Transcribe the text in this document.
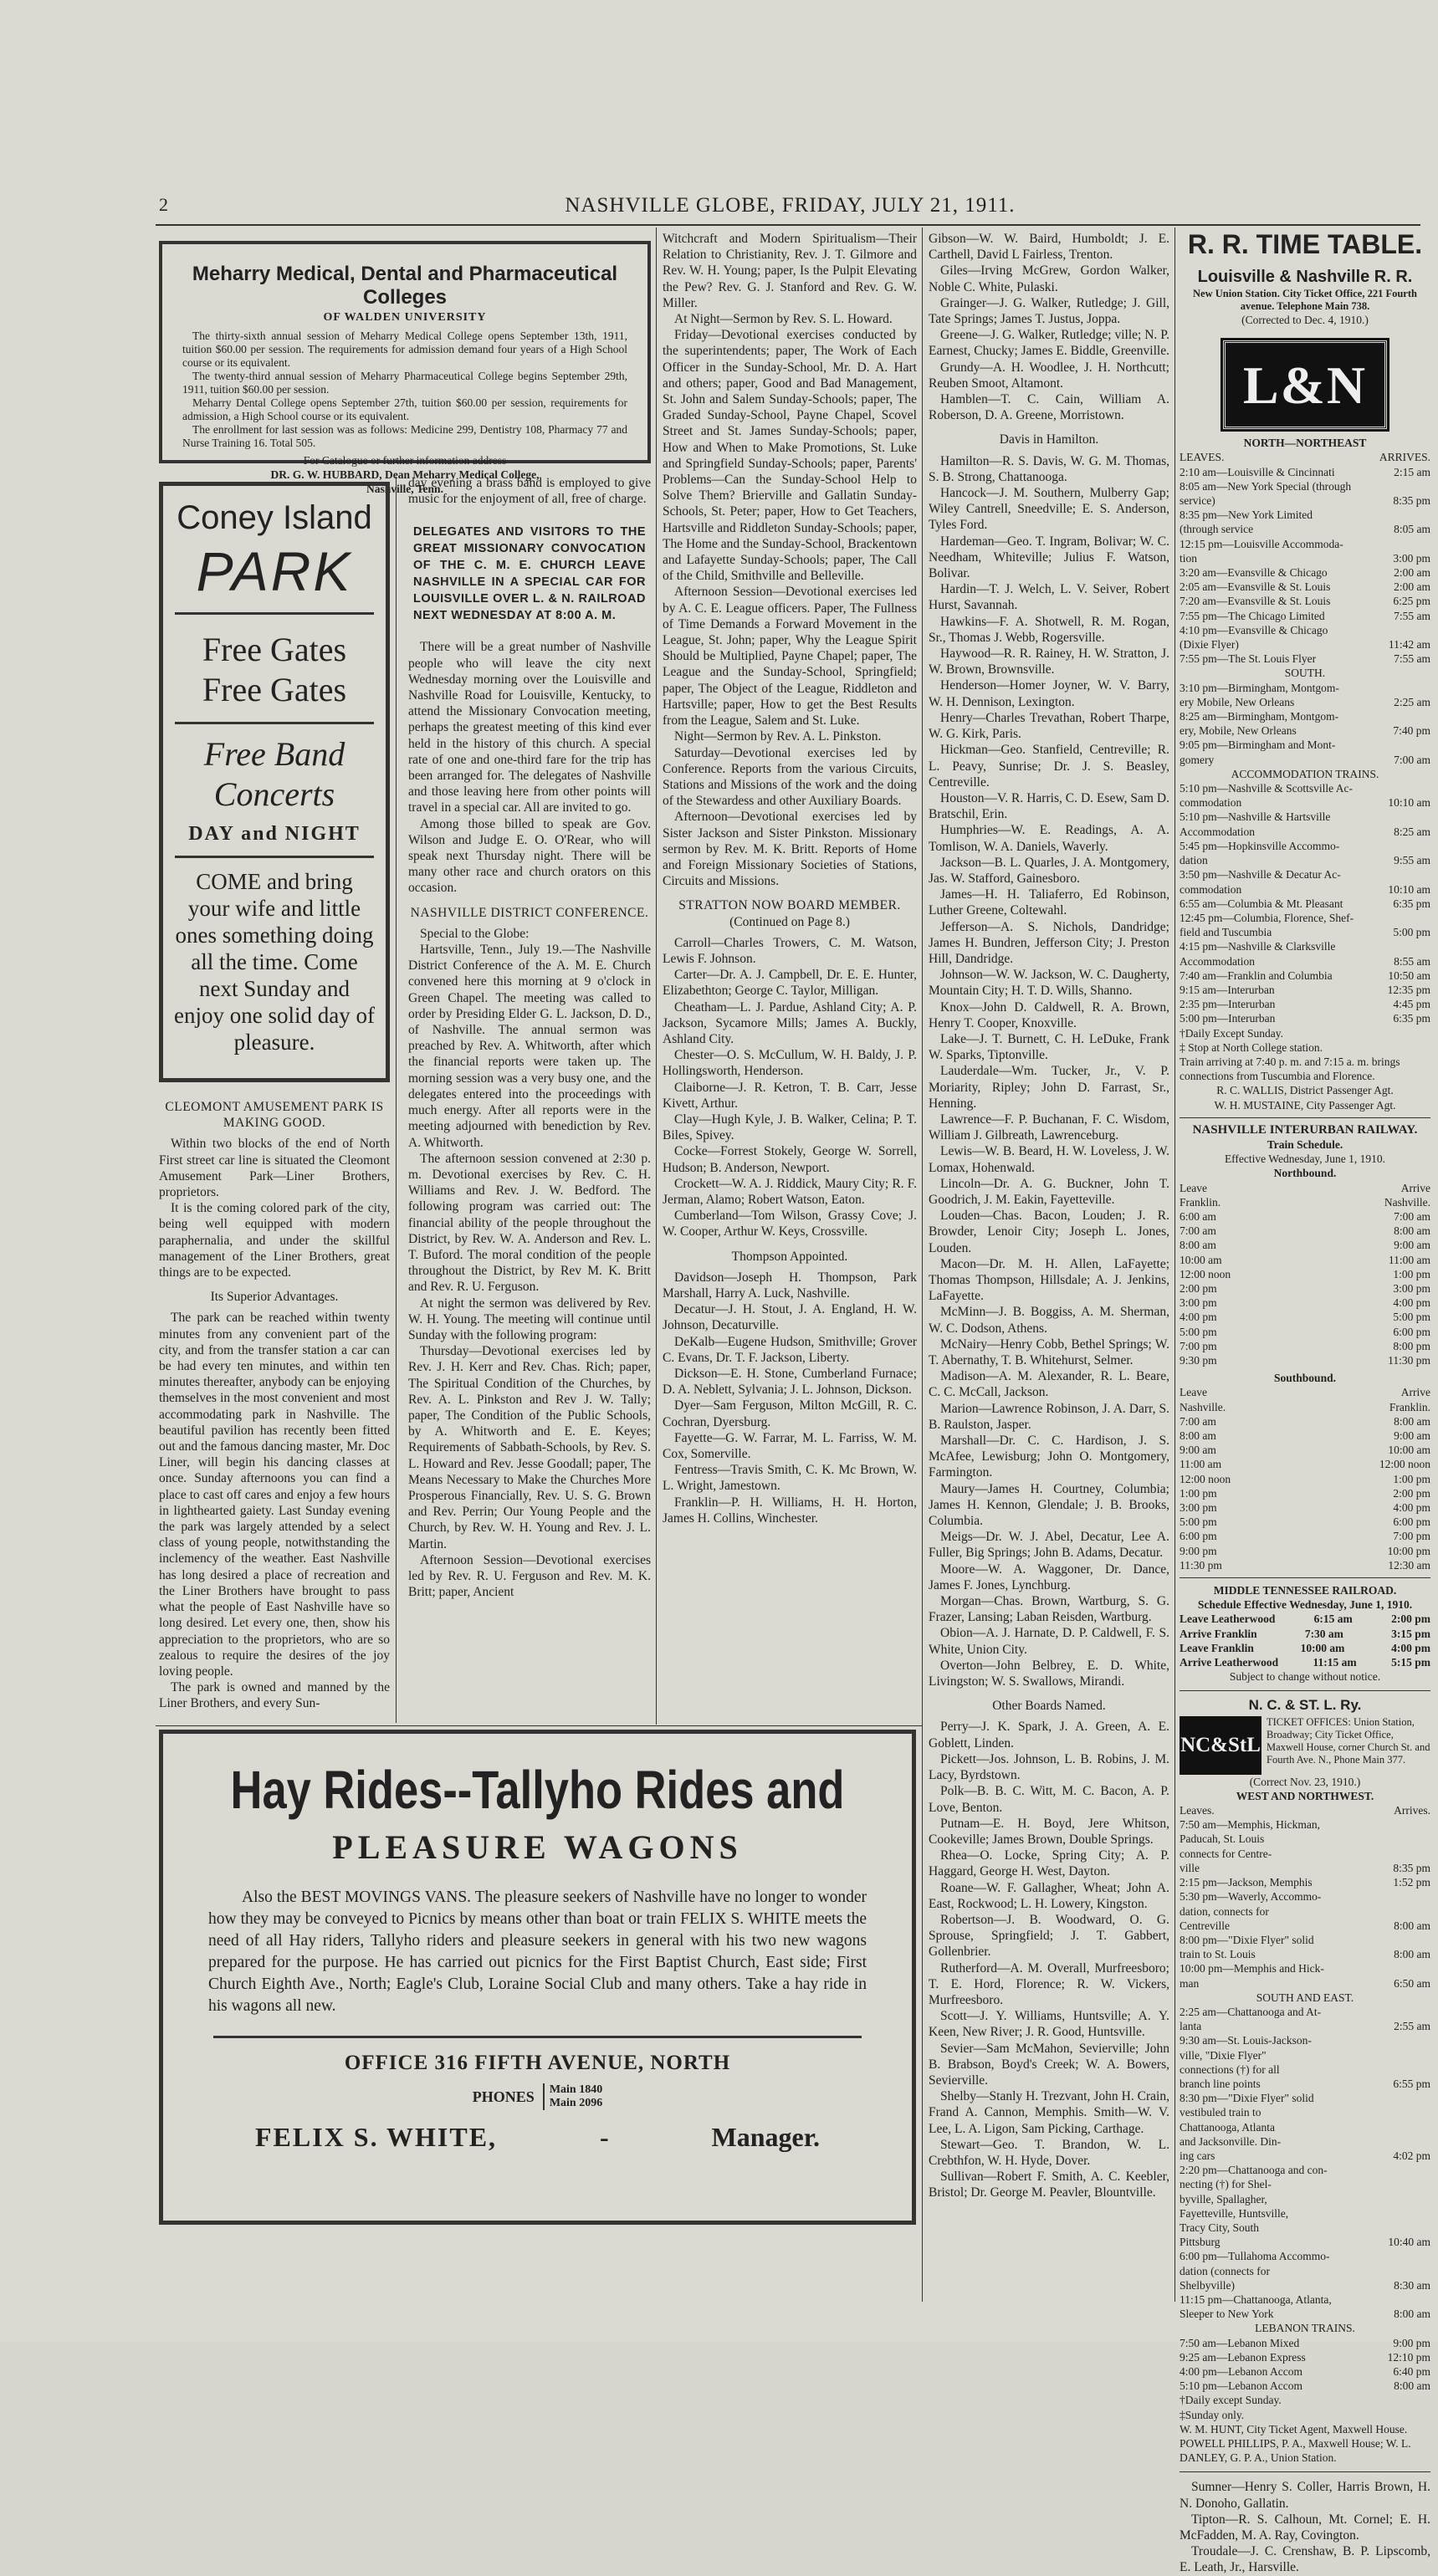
2	NASHVILLE GLOBE, FRIDAY, JULY 21, 1911.
Meharry Medical, Dental and Pharmaceutical Colleges
OF WALDEN UNIVERSITY

The thirty-sixth annual session of Meharry Medical College opens September 13th, 1911, tuition $60.00 per session. The requirements for admission demand four years of a High School course or its equivalent.

The twenty-third annual session of Meharry Pharmaceutical College begins September 29th, 1911, tuition $60.00 per session.

Meharry Dental College opens September 27th, tuition $60.00 per session, requirements for admission, a High School course or its equivalent.

The enrollment for last session was as follows: Medicine 299, Dentistry 108, Pharmacy 77 and Nurse Training 16. Total 505.

For Catalogue or further information address
DR. G. W. HUBBARD, Dean Meharry Medical College,
Nashville, Tenn.
Coney Island
PARK
Free Gates
Free Gates
Free Band
Concerts
DAY and NIGHT
COME and bring your wife and little ones something doing all the time. Come next Sunday and enjoy one solid day of pleasure.
CLEOMONT AMUSEMENT PARK IS MAKING GOOD.

Within two blocks of the end of North First street car line is situated the Cleomont Amusement Park—Liner Brothers, proprietors.

It is the coming colored park of the city, being well equipped with modern paraphernalia, and under the skillful management of the Liner Brothers, great things are to be expected.

Its Superior Advantages.

The park can be reached within twenty minutes from any convenient part of the city, and from the transfer station a car can be had every ten minutes, and within ten minutes thereafter, anybody can be enjoying themselves in the most convenient and most accommodating park in Nashville. The beautiful pavilion has recently been fitted out and the famous dancing master, Mr. Doc Liner, will begin his dancing classes at once. Sunday afternoons you can find a place to cast off cares and enjoy a few hours in lighthearted gaiety. Last Sunday evening the park was largely attended by a select class of young people, notwithstanding the inclemency of the weather. East Nashville has long desired a place of recreation and the Liner Brothers have brought to pass what the people of East Nashville have so long desired. Let every one, then, show his appreciation to the proprietors, who are so zealous to require the desires of the joy loving people.

The park is owned and manned by the Liner Brothers, and every Sun-

day evening a brass band is employed to give music for the enjoyment of all, free of charge.

DELEGATES AND VISITORS TO THE GREAT MISSIONARY CONVOCATION OF THE C. M. E. CHURCH LEAVE NASHVILLE IN A SPECIAL CAR FOR LOUISVILLE OVER L. & N. RAILROAD NEXT WEDNESDAY AT 8:00 A. M.

There will be a great number of Nashville people who will leave the city next Wednesday morning over the Louisville and Nashville Road for Louisville, Kentucky, to attend the Missionary Convocation meeting, perhaps the greatest meeting of this kind ever held in the history of this church. A special rate of one and one-third fare for the trip has been arranged for. The delegates of Nashville and those leaving here from other points will travel in a special car. All are invited to go.

Among those billed to speak are Gov. Wilson and Judge E. O. O'Rear, who will speak next Thursday night. There will be many other race and church orators on this occasion.

NASHVILLE DISTRICT CONFERENCE.

Special to the Globe:

Hartsville, Tenn., July 19.—The Nashville District Conference of the A. M. E. Church convened here this morning at 9 o'clock in Green Chapel. The meeting was called to order by Presiding Elder G. L. Jackson, D. D., of Nashville. The annual sermon was preached by Rev. A. Whitworth, after which the financial reports were taken up. The morning session was a very busy one, and the delegates entered into the proceedings with much energy. After all reports were in the meeting adjourned with benediction by Rev. A. Whitworth.

The afternoon session convened at 2:30 p. m. Devotional exercises by Rev. C. H. Williams and Rev. J. W. Bedford. The following program was carried out: The financial ability of the people throughout the District, by Rev. W. A. Anderson and Rev. L. T. Buford. The moral condition of the people throughout the District, by Rev M. K. Britt and Rev. R. U. Ferguson.

At night the sermon was delivered by Rev. W. H. Young. The meeting will continue until Sunday with the following program:

Thursday—Devotional exercises led by Rev. J. H. Kerr and Rev. Chas. Rich; paper, The Spiritual Condition of the Churches, by Rev. A. L. Pinkston and Rev J. W. Tally; paper, The Condition of the Public Schools, by A. Whitworth and E. E. Keyes; Requirements of Sabbath-Schools, by Rev. S. L. Howard and Rev. Jesse Goodall; paper, The Means Necessary to Make the Churches More Prosperous Financially, Rev. U. S. G. Brown and Rev. Perrin; Our Young People and the Church, by Rev. W. H. Young and Rev. J. L. Martin.

Afternoon Session—Devotional exercises led by Rev. R. U. Ferguson and Rev. M. K. Britt; paper, Ancient

Witchcraft and Modern Spiritualism—Their Relation to Christianity, Rev. J. T. Gilmore and Rev. W. H. Young; paper, Is the Pulpit Elevating the Pew? Rev. G. J. Stanford and Rev. G. W. Miller.

At Night—Sermon by Rev. S. L. Howard.

Friday—Devotional exercises conducted by the superintendents; paper, The Work of Each Officer in the Sunday-School, Mr. D. A. Hart and others; paper, Good and Bad Management, St. John and Salem Sunday-Schools; paper, The Graded Sunday-School, Payne Chapel, Scovel Street and St. James Sunday-Schools; paper, How and When to Make Promotions, St. Luke and Springfield Sunday-Schools; paper, Parents' Problems—Can the Sunday-School Help to Solve Them? Brierville and Gallatin Sunday-Schools, St. Peter; paper, How to Get Teachers, Hartsville and Riddleton Sunday-Schools; paper, The Home and the Sunday-School, Brackentown and Lafayette Sunday-Schools; paper, The Call of the Child, Smithville and Belleville.

Afternoon Session—Devotional exercises led by A. C. E. League officers. Paper, The Fullness of Time Demands a Forward Movement in the League, St. John; paper, Why the League Spirit Should be Multiplied, Payne Chapel; paper, The League and the Sunday-School, Springfield; paper, The Object of the League, Riddleton and Hartsville; paper, How to get the Best Results from the League, Salem and St. Luke.

Night—Sermon by Rev. A. L. Pinkston.

Saturday—Devotional exercises led by Conference. Reports from the various Circuits, Stations and Missions of the work and the doing of the Stewardess and other Auxiliary Boards.

Afternoon—Devotional exercises led by Sister Jackson and Sister Pinkston. Missionary sermon by Rev. M. K. Britt. Reports of Home and Foreign Missionary Societies of Stations, Circuits and Missions.

STRATTON NOW BOARD MEMBER.
(Continued on Page 8.)

Carroll—Charles Trowers, C. M. Watson, Lewis F. Johnson.

Carter—Dr. A. J. Campbell, Dr. E. E. Hunter, Elizabethton; George C. Taylor, Milligan.

Cheatham—L. J. Pardue, Ashland City; A. P. Jackson, Sycamore Mills; James A. Buckly, Ashland City.

Chester—O. S. McCullum, W. H. Baldy, J. P. Hollingsworth, Henderson.

Claiborne—J. R. Ketron, T. B. Carr, Jesse Kivett, Arthur.

Clay—Hugh Kyle, J. B. Walker, Celina; P. T. Biles, Spivey.

Cocke—Forrest Stokely, George W. Sorrell, Hudson; B. Anderson, Newport.

Crockett—W. A. J. Riddick, Maury City; R. F. Jerman, Alamo; Robert Watson, Eaton.

Cumberland—Tom Wilson, Grassy Cove; J. W. Cooper, Arthur W. Keys, Crossville.

Thompson Appointed.

Davidson—Joseph H. Thompson, Park Marshall, Harry A. Luck, Nashville.

Decatur—J. H. Stout, J. A. England, H. W. Johnson, Decaturville.

DeKalb—Eugene Hudson, Smithville; Grover C. Evans, Dr. T. F. Jackson, Liberty.

Dickson—E. H. Stone, Cumberland Furnace; D. A. Neblett, Sylvania; J. L. Johnson, Dickson.

Dyer—Sam Ferguson, Milton McGill, R. C. Cochran, Dyersburg.

Fayette—G. W. Farrar, M. L. Farriss, W. M. Cox, Somerville.

Fentress—Travis Smith, C. K. Mc Brown, W. L. Wright, Jamestown.

Franklin—P. H. Williams, H. H. Horton, James H. Collins, Winchester.

Gibson—W. W. Baird, Humboldt; J. E. Carthell, David L Fairless, Trenton.

Giles—Irving McGrew, Gordon Walker, Noble C. White, Pulaski.

Grainger—J. G. Walker, Rutledge; J. Gill, Tate Springs; James T. Justus, Joppa.

Greene—J. G. Walker, Rutledge; ville; N. P. Earnest, Chucky; James E. Biddle, Greenville.

Grundy—A. H. Woodlee, J. H. Northcutt; Reuben Smoot, Altamont.

Hamblen—T. C. Cain, William A. Roberson, D. A. Greene, Morristown.

Davis in Hamilton.

Hamilton—R. S. Davis, W. G. M. Thomas, S. B. Strong, Chattanooga.

Hancock—J. M. Southern, Mulberry Gap; Wiley Cantrell, Sneedville; E. S. Anderson, Tyles Ford.

Hardeman—Geo. T. Ingram, Bolivar; W. C. Needham, Whiteville; Julius F. Watson, Bolivar.

Hardin—T. J. Welch, L. V. Seiver, Robert Hurst, Savannah.

Hawkins—F. A. Shotwell, R. M. Rogan, Sr., Thomas J. Webb, Rogersville.

Haywood—R. R. Rainey, H. W. Stratton, J. W. Brown, Brownsville.

Henderson—Homer Joyner, W. V. Barry, W. H. Dennison, Lexington.

Henry—Charles Trevathan, Robert Tharpe, W. G. Kirk, Paris.

Hickman—Geo. Stanfield, Centreville; R. L. Peavy, Sunrise; Dr. J. S. Beasley, Centreville.

Houston—V. R. Harris, C. D. Esew, Sam D. Bratschil, Erin.

Humphries—W. E. Readings, A. A. Tomlison, W. A. Daniels, Waverly.

Jackson—B. L. Quarles, J. A. Montgomery, Jas. W. Stafford, Gainesboro.

James—H. H. Taliaferro, Ed Robinson, Luther Greene, Coltewahl.

Jefferson—A. S. Nichols, Dandridge; James H. Bundren, Jefferson City; J. Preston Hill, Dandridge.

Johnson—W. W. Jackson, W. C. Daugherty, Mountain City; H. T. D. Wills, Shanno.

Knox—John D. Caldwell, R. A. Brown, Henry T. Cooper, Knoxville.

Lake—J. T. Burnett, C. H. LeDuke, Frank W. Sparks, Tiptonville.

Lauderdale—Wm. Tucker, Jr., V. P. Moriarity, Ripley; John D. Farrast, Sr., Henning.

Lawrence—F. P. Buchanan, F. C. Wisdom, William J. Gilbreath, Lawrenceburg.

Lewis—W. B. Beard, H. W. Loveless, J. W. Lomax, Hohenwald.

Lincoln—Dr. A. G. Buckner, John T. Goodrich, J. M. Eakin, Fayetteville.

Louden—Chas. Bacon, Louden; J. R. Browder, Lenoir City; Joseph L. Jones, Louden.

Macon—Dr. M. H. Allen, LaFayette; Thomas Thompson, Hillsdale; A. J. Jenkins, LaFayette.

McMinn—J. B. Boggiss, A. M. Sherman, W. C. Dodson, Athens.

McNairy—Henry Cobb, Bethel Springs; W. T. Abernathy, T. B. Whitehurst, Selmer.

Madison—A. M. Alexander, R. L. Beare, C. C. McCall, Jackson.

Marion—Lawrence Robinson, J. A. Darr, S. B. Raulston, Jasper.

Marshall—Dr. C. C. Hardison, J. S. McAfee, Lewisburg; John O. Montgomery, Farmington.

Maury—James H. Courtney, Columbia; James H. Kennon, Glendale; J. B. Brooks, Columbia.

Meigs—Dr. W. J. Abel, Decatur, Lee A. Fuller, Big Springs; John B. Adams, Decatur.

Moore—W. A. Waggoner, Dr. Dance, James F. Jones, Lynchburg.

Morgan—Chas. Brown, Wartburg, S. G. Frazer, Lansing; Laban Reisden, Wartburg.

Obion—A. J. Harnate, D. P. Caldwell, F. S. White, Union City.

Overton—John Belbrey, E. D. White, Livingston; W. S. Swallows, Mirandi.

Other Boards Named.

Perry—J. K. Spark, J. A. Green, A. E. Goblett, Linden.

Pickett—Jos. Johnson, L. B. Robins, J. M. Lacy, Byrdstown.

Polk—B. B. C. Witt, M. C. Bacon, A. P. Love, Benton.

Putnam—E. H. Boyd, Jere Whitson, Cookeville; James Brown, Double Springs.

Rhea—O. Locke, Spring City; A. P. Haggard, George H. West, Dayton.

Roane—W. F. Gallagher, Wheat; John A. East, Rockwood; L. H. Lowery, Kingston.

Robertson—J. B. Woodward, O. G. Sprouse, Springfield; J. T. Gabbert, Gollenbrier.

Rutherford—A. M. Overall, Murfreesboro; T. E. Hord, Florence; R. W. Vickers, Murfreesboro.

Scott—J. Y. Williams, Huntsville; A. Y. Keen, New River; J. R. Good, Huntsville.

Sevier—Sam McMahon, Sevierville; John B. Brabson, Boyd's Creek; W. A. Bowers, Sevierville.

Shelby—Stanly H. Trezvant, John H. Crain, Frand A. Cannon, Memphis. Smith—W. V. Lee, L. A. Ligon, Sam Picking, Carthage.

Stewart—Geo. T. Brandon, W. L. Crebthfon, W. H. Hyde, Dover.

Sullivan—Robert F. Smith, A. C. Keebler, Bristol; Dr. George M. Peavler, Blountville.

R. R. TIME TABLE.
Louisville & Nashville R. R.
New Union Station. City Ticket Office, 221 Fourth avenue. Telephone Main 738.
(Corrected to Dec. 4, 1910.)
L&N
NORTH—NORTHEAST
LEAVES.	ARRIVES.
2:10 am—Louisville & Cincinnati	2:15 am
8:05 am—New York Special (through
service)	8:35 pm
8:35 pm—New York Limited
(through service	8:05 am
12:15 pm—Louisville Accommoda-
tion	3:00 pm
3:20 am—Evansville & Chicago	2:00 am
2:05 am—Evansville & St. Louis	2:00 am
7:20 am—Evansville & St. Louis	6:25 pm
7:55 pm—The Chicago Limited	7:55 am
4:10 pm—Evansville & Chicago
(Dixie Flyer)	11:42 am
7:55 pm—The St. Louis Flyer	7:55 am
SOUTH.
3:10 pm—Birmingham, Montgom-
ery Mobile, New Orleans	2:25 am
8:25 am—Birmingham, Montgom-
ery, Mobile, New Orleans	7:40 pm
9:05 pm—Birmingham and Mont-
gomery	7:00 am
ACCOMMODATION TRAINS.
5:10 pm—Nashville & Scottsville Ac-
commodation	10:10 am
5:10 pm—Nashville & Hartsville
Accommodation	8:25 am
5:45 pm—Hopkinsville Accommo-
dation	9:55 am
3:50 pm—Nashville & Decatur Ac-
commodation	10:10 am
6:55 am—Columbia & Mt. Pleasant	6:35 pm
12:45 pm—Columbia, Florence, Shef-
field and Tuscumbia	5:00 pm
4:15 pm—Nashville & Clarksville
Accommodation	8:55 am
7:40 am—Franklin and Columbia	10:50 am
9:15 am—Interurban	12:35 pm
2:35 pm—Interurban	4:45 pm
5:00 pm—Interurban	6:35 pm
†Daily Except Sunday.
‡ Stop at North College station.
Train arriving at 7:40 p. m. and 7:15 a. m. brings connections from Tuscumbia and Florence.
R. C. WALLIS, District Passenger Agt.
W. H. MUSTAINE, City Passenger Agt.
NASHVILLE INTERURBAN RAILWAY.
Train Schedule.
Effective Wednesday, June 1, 1910.
Northbound.
Leave	Arrive
Franklin.	Nashville.
6:00 am	7:00 am
7:00 am	8:00 am
8:00 am	9:00 am
10:00 am	11:00 am
12:00 noon	1:00 pm
2:00 pm	3:00 pm
3:00 pm	4:00 pm
4:00 pm	5:00 pm
5:00 pm	6:00 pm
7:00 pm	8:00 pm
9:30 pm	11:30 pm
Southbound.
Leave	Arrive
Nashville.	Franklin.
7:00 am	8:00 am
8:00 am	9:00 am
9:00 am	10:00 am
11:00 am	12:00 noon
12:00 noon	1:00 pm
1:00 pm	2:00 pm
3:00 pm	4:00 pm
5:00 pm	6:00 pm
6:00 pm	7:00 pm
9:00 pm	10:00 pm
11:30 pm	12:30 am
MIDDLE TENNESSEE RAILROAD.
Schedule Effective Wednesday, June 1, 1910.
Leave Leatherwood	6:15 am	2:00 pm
Arrive Franklin	7:30 am	3:15 pm
Leave Franklin	10:00 am	4:00 pm
Arrive Leatherwood	11:15 am	5:15 pm
Subject to change without notice.
N. C. & ST. L. Ry.
NC&StL
TICKET OFFICES: Union Station, Broadway; City Ticket Office, Maxwell House, corner Church St. and Fourth Ave. N., Phone Main 377.
(Correct Nov. 23, 1910.)
WEST AND NORTHWEST.
Leaves.	Arrives.
7:50 am—Memphis, Hickman,
Paducah, St. Louis
connects for Centre-
ville	8:35 pm
2:15 pm—Jackson, Memphis	1:52 pm
5:30 pm—Waverly, Accommo-
dation, connects for
Centreville	8:00 am
8:00 pm—"Dixie Flyer" solid
train to St. Louis	8:00 am
10:00 pm—Memphis and Hick-
man	6:50 am
SOUTH AND EAST.
2:25 am—Chattanooga and At-
lanta	2:55 am
9:30 am—St. Louis-Jackson-
ville, "Dixie Flyer"
connections (†) for all
branch line points	6:55 pm
8:30 pm—"Dixie Flyer" solid
vestibuled train to
Chattanooga, Atlanta
and Jacksonville. Din-
ing cars	4:02 pm
2:20 pm—Chattanooga and con-
necting (†) for Shel-
byville, Spallagher,
Fayetteville, Huntsville,
Tracy City, South
Pittsburg	10:40 am
6:00 pm—Tullahoma Accommo-
dation (connects for
Shelbyville)	8:30 am
11:15 pm—Chattanooga, Atlanta,
Sleeper to New York	8:00 am
LEBANON TRAINS.
7:50 am—Lebanon Mixed	9:00 pm
9:25 am—Lebanon Express	12:10 pm
4:00 pm—Lebanon Accom	6:40 pm
5:10 pm—Lebanon Accom	8:00 am
†Daily except Sunday.
‡Sunday only.
W. M. HUNT, City Ticket Agent, Maxwell House.
POWELL PHILLIPS, P. A., Maxwell House; W. L. DANLEY, G. P. A., Union Station.
Sumner—Henry S. Coller, Harris Brown, H. N. Donoho, Gallatin.
Tipton—R. S. Calhoun, Mt. Cornel; E. H. McFadden, M. A. Ray, Covington.
Troudale—J. C. Crenshaw, B. P. Lipscomb, E. Leath, Jr., Harsville.
Hay Rides--Tallyho Rides and
PLEASURE WAGONS
Also the BEST MOVINGS VANS. The pleasure seekers of Nashville have no longer to wonder how they may be conveyed to Picnics by means other than boat or train FELIX S. WHITE meets the need of all Hay riders, Tallyho riders and pleasure seekers in general with his two new wagons prepared for the purpose. He has carried out picnics for the First Baptist Church, East side; First Church Eighth Ave., North; Eagle's Club, Loraine Social Club and many others. Take a hay ride in his wagons all new.
OFFICE 316 FIFTH AVENUE, NORTH
PHONES Main 1840
Main 2096
FELIX S. WHITE,	-	Manager.
